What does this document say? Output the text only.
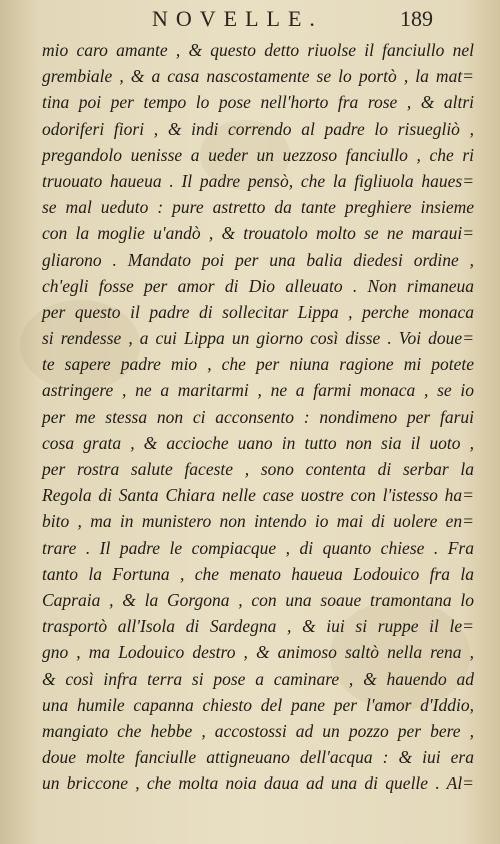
NOVELLE.	189
mio caro amante , & questo detto riuolse il fanciullo nel
grembiale , & a casa nascostamente se lo portò , la mat=
tina poi per tempo lo pose nell'horto fra rose , & altri
odoriferi fiori , & indi correndo al padre lo risuegliò ,
pregandolo uenisse a ueder un uezzoso fanciullo , che ri
truouato haueua . Il padre pensò, che la figliuola haues=
se mal ueduto : pure astretto da tante preghiere insieme
con la moglie u'andò , & trouatolo molto se ne maraui=
gliarono . Mandato poi per una balia diedesi ordine ,
ch'egli fosse per amor di Dio alleuato . Non rimaneua
per questo il padre di sollecitar Lippa , perche monaca
si rendesse , a cui Lippa un giorno così disse . Voi doue=
te sapere padre mio , che per niuna ragione mi potete
astringere , ne a maritarmi , ne a farmi monaca , se io
per me stessa non ci acconsento : nondimeno per farui
cosa grata , & accioche uano in tutto non sia il uoto ,
per rostra salute faceste , sono contenta di serbar la
Regola di Santa Chiara nelle case uostre con l'istesso ha=
bito , ma in munistero non intendo io mai di uolere en=
trare . Il padre le compiacque , di quanto chiese . Fra
tanto la Fortuna , che menato haueua Lodouico fra la
Capraia , & la Gorgona , con una soaue tramontana lo
trasportò all'Isola di Sardegna , & iui si ruppe il le=
gno , ma Lodouico destro , & animoso saltò nella rena ,
& così infra terra si pose a caminare , & hauendo ad
una humile capanna chiesto del pane per l'amor d'Iddio,
mangiato che hebbe , accostossi ad un pozzo per bere ,
doue molte fanciulle attigneuano dell'acqua : & iui era
un briccone , che molta noia daua ad una di quelle . Al=
